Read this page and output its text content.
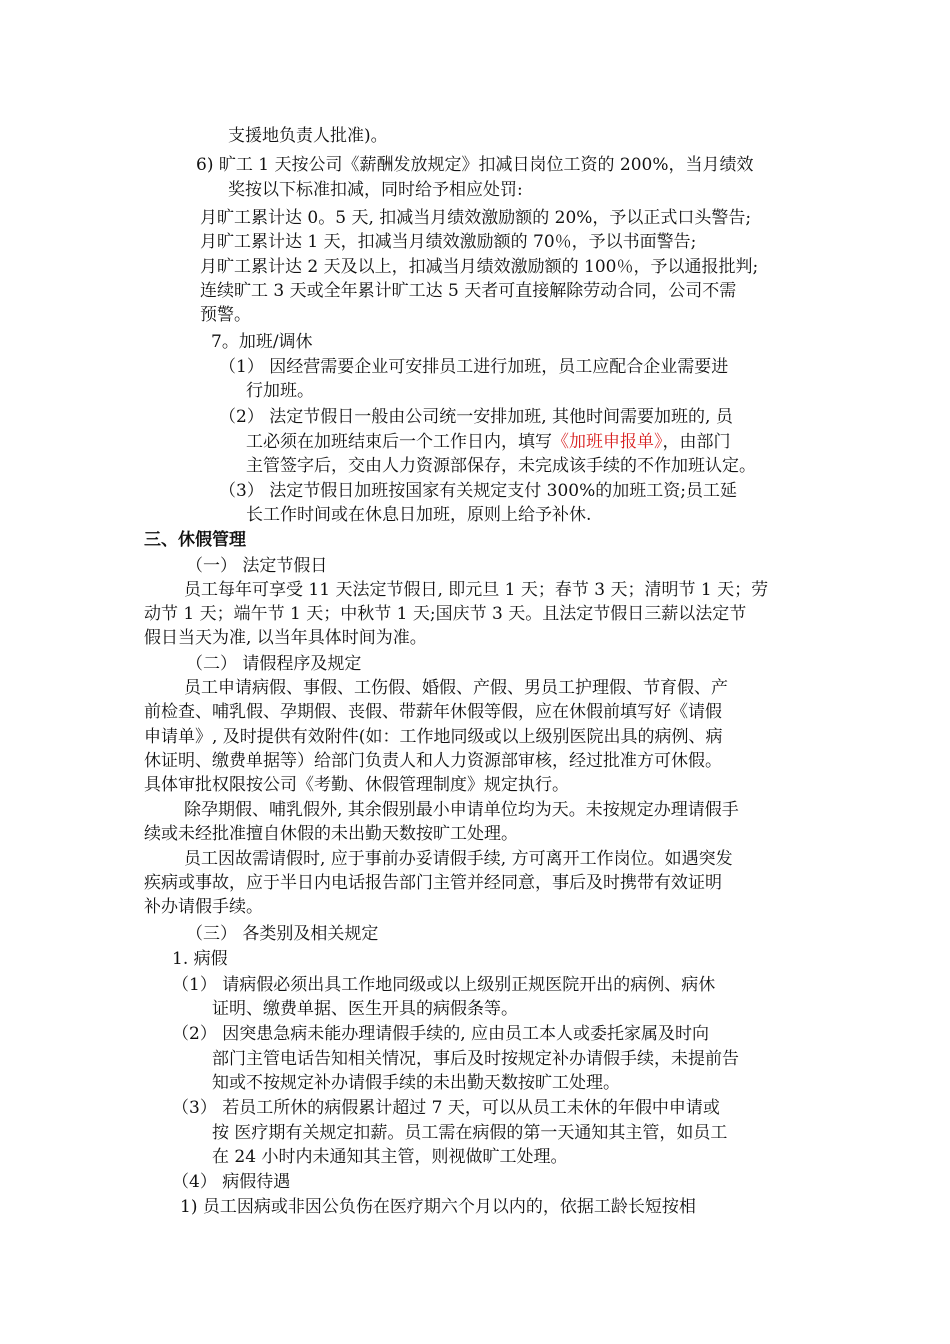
支援地负责人批准)。
6) 旷工 1 天按公司《薪酬发放规定》扣减日岗位工资的 200%，当月绩效
奖按以下标准扣减，同时给予相应处罚:
月旷工累计达 0。5 天, 扣减当月绩效激励额的 20%，予以正式口头警告;
月旷工累计达 1 天，扣减当月绩效激励额的 70％，予以书面警告;
月旷工累计达 2 天及以上，扣减当月绩效激励额的 100％，予以通报批判;
连续旷工 3 天或全年累计旷工达 5 天者可直接解除劳动合同，公司不需
预警。
7。加班/调休
（1） 因经营需要企业可安排员工进行加班，员工应配合企业需要进
行加班。
（2） 法定节假日一般由公司统一安排加班, 其他时间需要加班的, 员
工必须在加班结束后一个工作日内，填写《加班申报单》，由部门
主管签字后，交由人力资源部保存，未完成该手续的不作加班认定。
（3） 法定节假日加班按国家有关规定支付 300%的加班工资;员工延
长工作时间或在休息日加班，原则上给予补休.
三、休假管理
（一） 法定节假日
员工每年可享受 11 天法定节假日, 即元旦 1 天；春节 3 天；清明节 1 天；劳
动节 1 天；端午节 1 天；中秋节 1 天;国庆节 3 天。且法定节假日三薪以法定节
假日当天为准, 以当年具体时间为准。
（二） 请假程序及规定
员工申请病假、事假、工伤假、婚假、产假、男员工护理假、节育假、产
前检查、哺乳假、孕期假、丧假、带薪年休假等假，应在休假前填写好《请假
申请单》, 及时提供有效附件(如：工作地同级或以上级别医院出具的病例、病
休证明、缴费单据等）给部门负责人和人力资源部审核，经过批准方可休假。
具体审批权限按公司《考勤、休假管理制度》规定执行。
除孕期假、哺乳假外, 其余假别最小申请单位均为天。未按规定办理请假手
续或未经批准擅自休假的未出勤天数按旷工处理。
员工因故需请假时, 应于事前办妥请假手续, 方可离开工作岗位。如遇突发
疾病或事故，应于半日内电话报告部门主管并经同意，事后及时携带有效证明
补办请假手续。
（三） 各类别及相关规定
1. 病假
（1） 请病假必须出具工作地同级或以上级别正规医院开出的病例、病休
证明、缴费单据、医生开具的病假条等。
（2） 因突患急病未能办理请假手续的, 应由员工本人或委托家属及时向
部门主管电话告知相关情况，事后及时按规定补办请假手续，未提前告
知或不按规定补办请假手续的未出勤天数按旷工处理。
（3） 若员工所休的病假累计超过 7 天，可以从员工未休的年假中申请或
按 医疗期有关规定扣薪。员工需在病假的第一天通知其主管，如员工
在 24 小时内未通知其主管，则视做旷工处理。
（4） 病假待遇
1) 员工因病或非因公负伤在医疗期六个月以内的，依据工龄长短按相
